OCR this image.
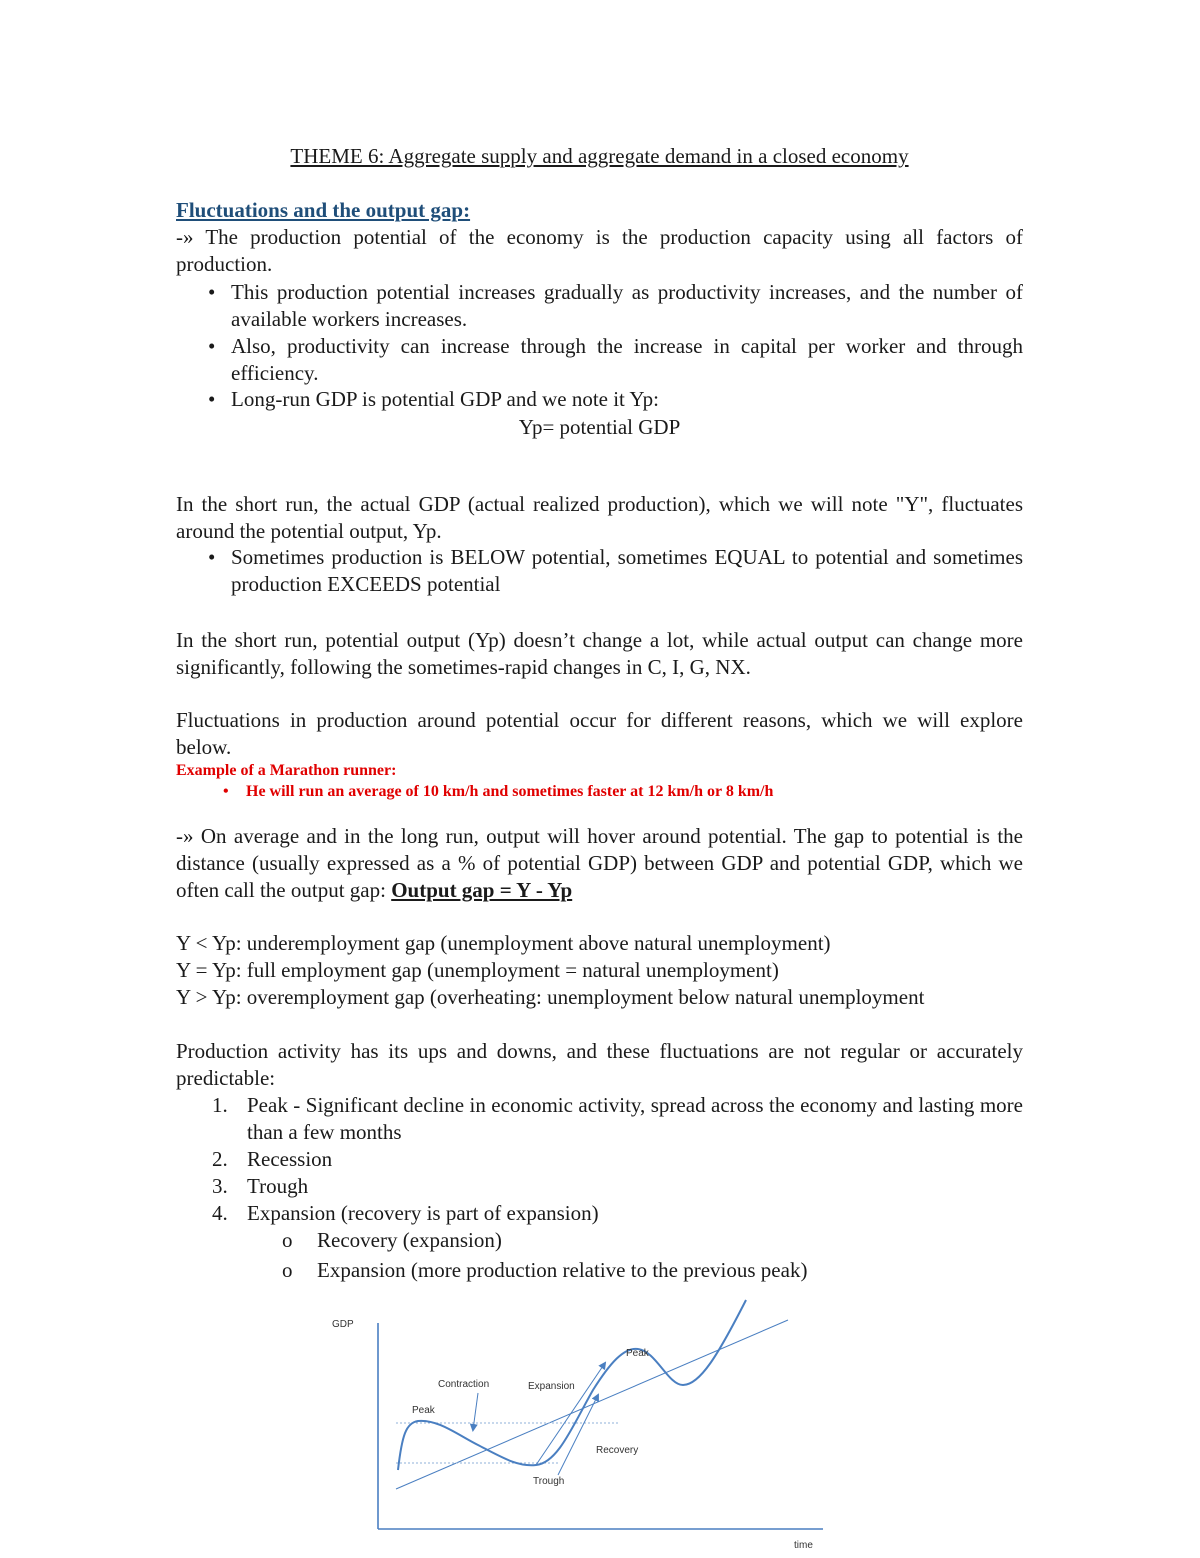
THEME 6: Aggregate supply and aggregate demand in a closed economy
Fluctuations and the output gap:
-» The production potential of the economy is the production capacity using all factors of production.
• This production potential increases gradually as productivity increases, and the number of available workers increases.
• Also, productivity can increase through the increase in capital per worker and through efficiency.
• Long-run GDP is potential GDP and we note it Yp:
Yp= potential GDP
In the short run, the actual GDP (actual realized production), which we will note "Y", fluctuates around the potential output, Yp.
• Sometimes production is BELOW potential, sometimes EQUAL to potential and sometimes production EXCEEDS potential
In the short run, potential output (Yp) doesn’t change a lot, while actual output can change more significantly, following the sometimes-rapid changes in C, I, G, NX.
Fluctuations in production around potential occur for different reasons, which we will explore below.
Example of a Marathon runner:
•	He will run an average of 10 km/h and sometimes faster at 12 km/h or 8 km/h
-» On average and in the long run, output will hover around potential. The gap to potential is the distance (usually expressed as a % of potential GDP) between GDP and potential GDP, which we often call the output gap: Output gap = Y - Yp
Y < Yp: underemployment gap (unemployment above natural unemployment)
Y = Yp: full employment gap (unemployment = natural unemployment)
Y > Yp: overemployment gap (overheating: unemployment below natural unemployment
Production activity has its ups and downs, and these fluctuations are not regular or accurately predictable:
1. Peak - Significant decline in economic activity, spread across the economy and lasting more than a few months
2. Recession
3. Trough
4. Expansion (recovery is part of expansion)
o	Recovery (expansion)
o	Expansion (more production relative to the previous peak)
GDP
time
Peak
Contraction	Expansion
Peak
Recovery
Trough
